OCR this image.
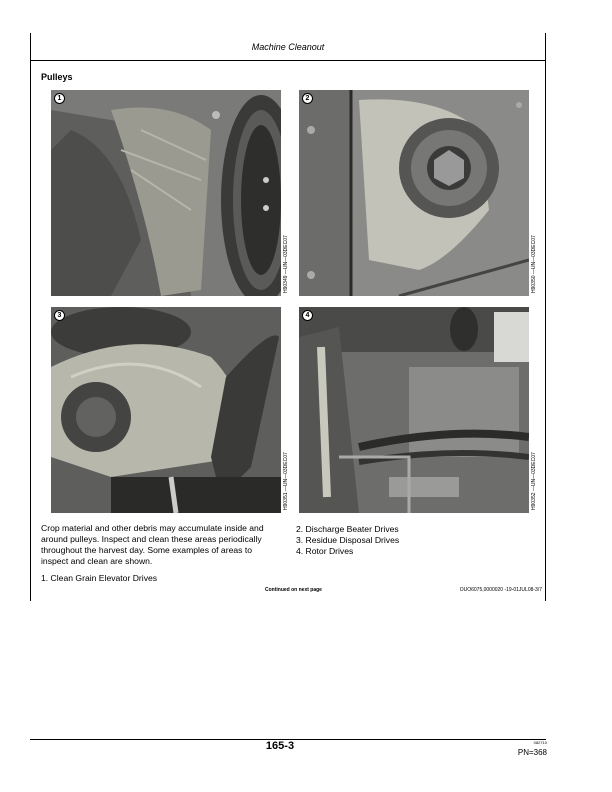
Machine Cleanout
Pulleys
1
H90349 —UN—03DEC07
2
H90350 —UN—03DEC07
3
H90351 —UN—03DEC07
4
H90352 —UN—03DEC07
Crop material and other debris may accumulate inside and around pulleys. Inspect and clean these areas periodically throughout the harvest day. Some examples of areas to inspect and clean are shown.
1. Clean Grain Elevator Drives
2. Discharge Beater Drives
3. Residue Disposal Drives
4. Rotor Drives
Continued on next page	OUO6075,0000020 -19-01JUL08-3/7
165-3	082710
PN=368
